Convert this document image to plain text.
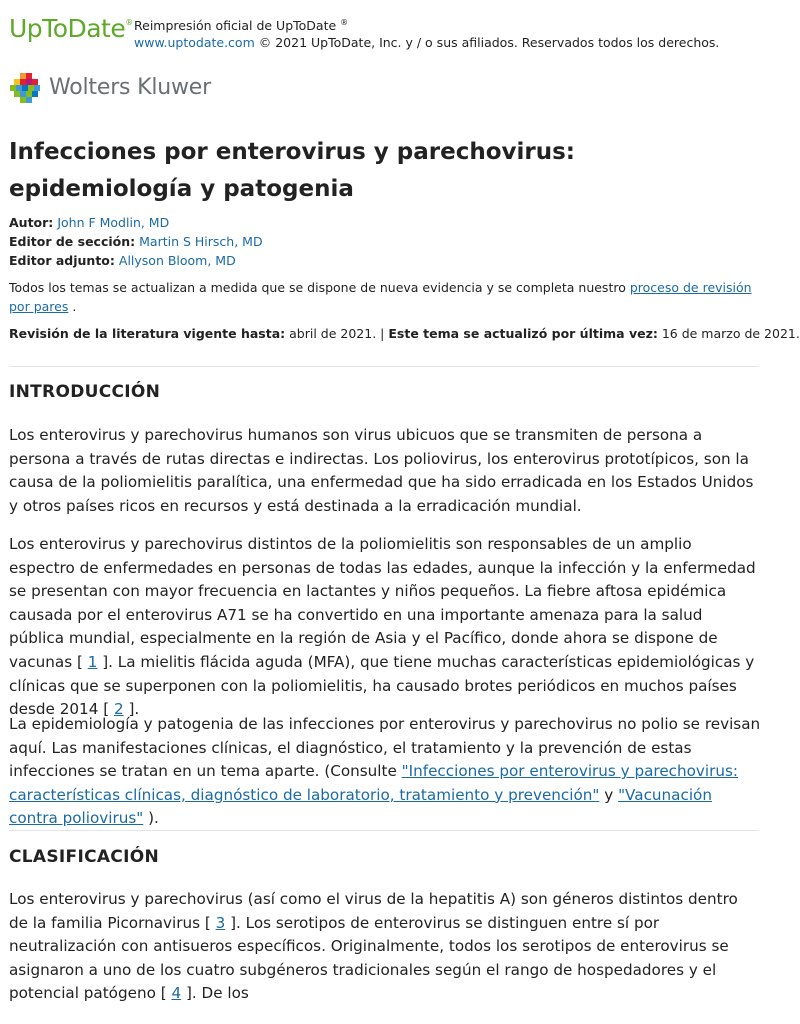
UpToDate® Reimpresión oficial de UpToDate ®
www.uptodate.com © 2021 UpToDate, Inc. y / o sus afiliados. Reservados todos los derechos.
Wolters Kluwer
Infecciones por enterovirus y parechovirus: epidemiología y patogenia
Autor: John F Modlin, MD
Editor de sección: Martin S Hirsch, MD
Editor adjunto: Allyson Bloom, MD
Todos los temas se actualizan a medida que se dispone de nueva evidencia y se completa nuestro proceso de revisión por pares .
Revisión de la literatura vigente hasta: abril de 2021. | Este tema se actualizó por última vez: 16 de marzo de 2021.
INTRODUCCIÓN

Los enterovirus y parechovirus humanos son virus ubicuos que se transmiten de persona a persona a través de rutas directas e indirectas. Los poliovirus, los enterovirus prototípicos, son la causa de la poliomielitis paralítica, una enfermedad que ha sido erradicada en los Estados Unidos y otros países ricos en recursos y está destinada a la erradicación mundial.

Los enterovirus y parechovirus distintos de la poliomielitis son responsables de un amplio espectro de enfermedades en personas de todas las edades, aunque la infección y la enfermedad se presentan con mayor frecuencia en lactantes y niños pequeños. La fiebre aftosa epidémica causada por el enterovirus A71 se ha convertido en una importante amenaza para la salud pública mundial, especialmente en la región de Asia y el Pacífico, donde ahora se dispone de vacunas [ 1 ]. La mielitis flácida aguda (MFA), que tiene muchas características epidemiológicas y clínicas que se superponen con la poliomielitis, ha causado brotes periódicos en muchos países desde 2014 [ 2 ].

La epidemiología y patogenia de las infecciones por enterovirus y parechovirus no polio se revisan aquí. Las manifestaciones clínicas, el diagnóstico, el tratamiento y la prevención de estas infecciones se tratan en un tema aparte. (Consulte "Infecciones por enterovirus y parechovirus: características clínicas, diagnóstico de laboratorio, tratamiento y prevención" y "Vacunación contra poliovirus" ).

CLASIFICACIÓN

Los enterovirus y parechovirus (así como el virus de la hepatitis A) son géneros distintos dentro de la familia Picornavirus [ 3 ]. Los serotipos de enterovirus se distinguen entre sí por neutralización con antisueros específicos. Originalmente, todos los serotipos de enterovirus se asignaron a uno de los cuatro subgéneros tradicionales según el rango de hospedadores y el potencial patógeno [ 4 ]. De los
